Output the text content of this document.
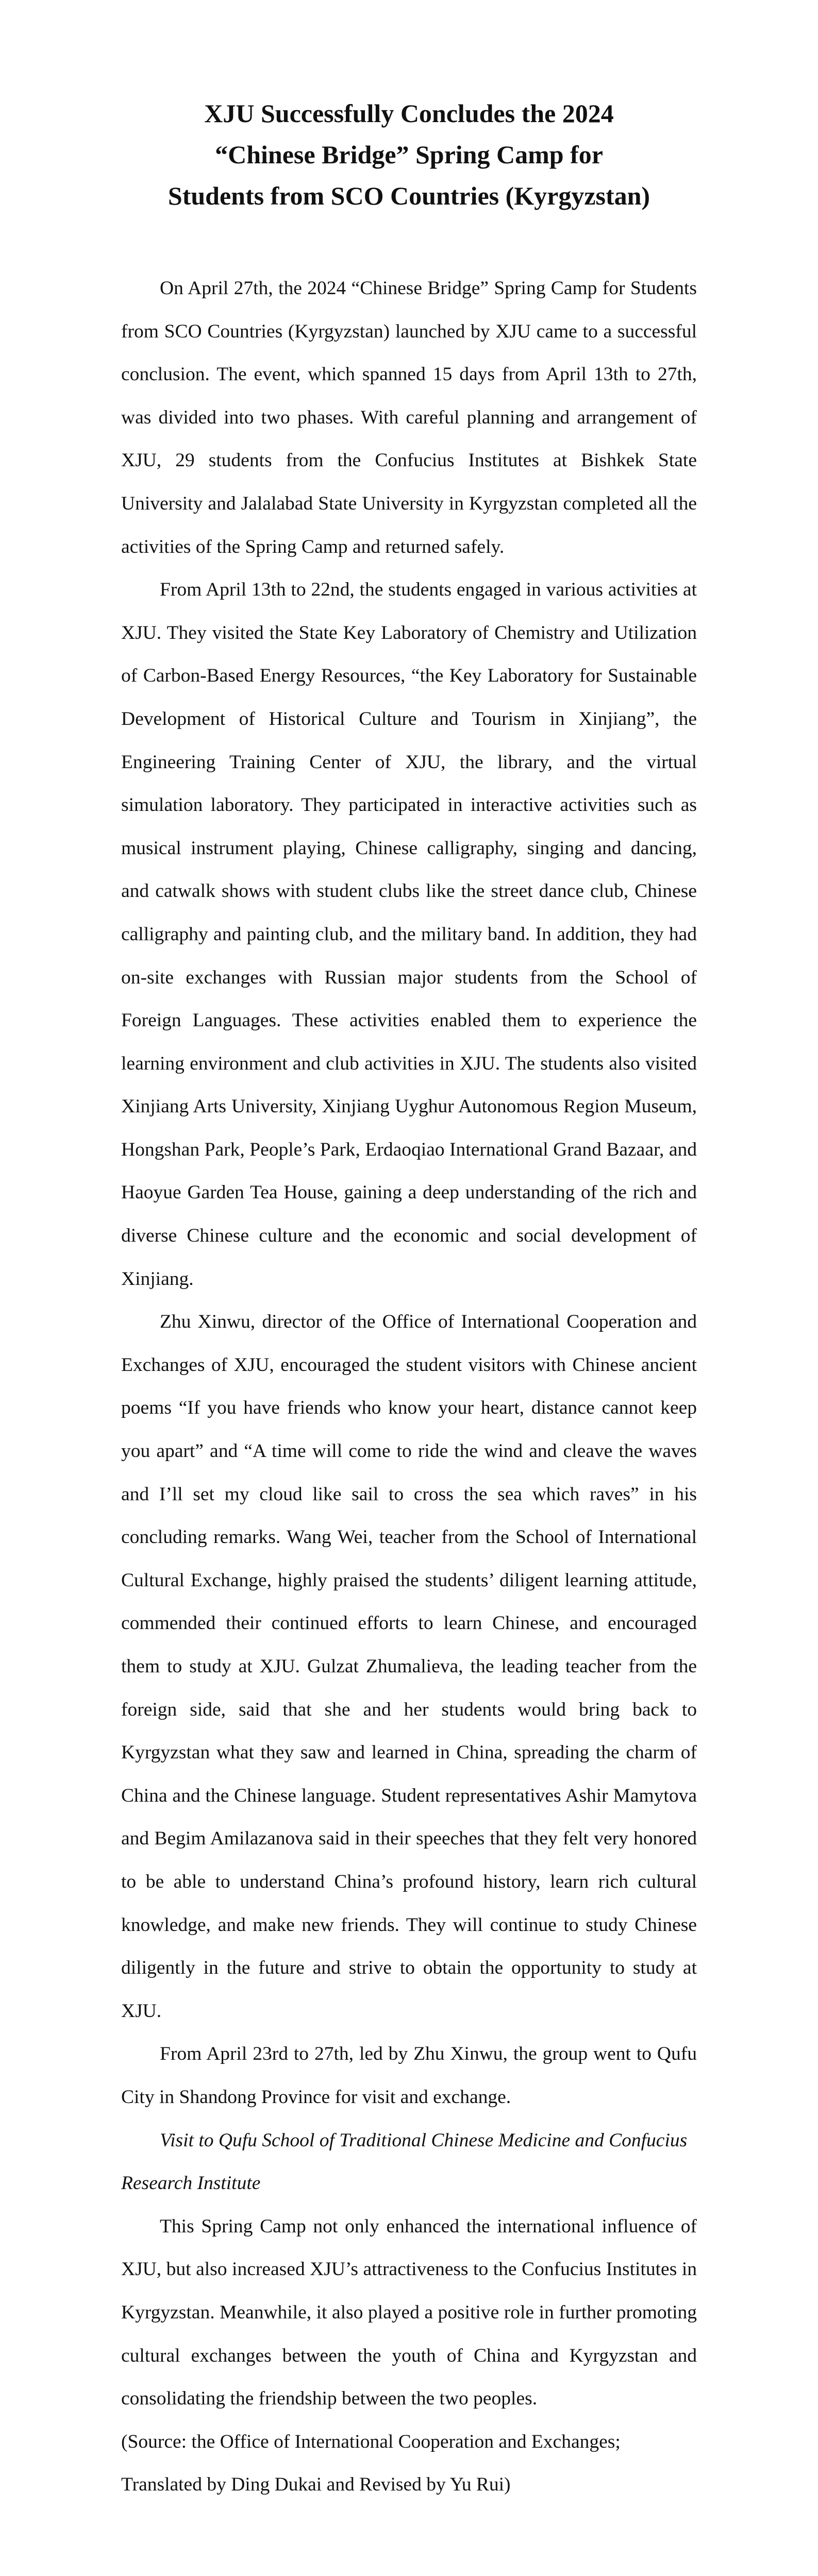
XJU Successfully Concludes the 2024
“Chinese Bridge” Spring Camp for
Students from SCO Countries (Kyrgyzstan)

On April 27th, the 2024 “Chinese Bridge” Spring Camp for Students from SCO Countries (Kyrgyzstan) launched by XJU came to a successful conclusion. The event, which spanned 15 days from April 13th to 27th, was divided into two phases. With careful planning and arrangement of XJU, 29 students from the Confucius Institutes at Bishkek State University and Jalalabad State University in Kyrgyzstan completed all the activities of the Spring Camp and returned safely.

From April 13th to 22nd, the students engaged in various activities at XJU. They visited the State Key Laboratory of Chemistry and Utilization of Carbon-Based Energy Resources, “the Key Laboratory for Sustainable Development of Historical Culture and Tourism in Xinjiang”, the Engineering Training Center of XJU, the library, and the virtual simulation laboratory. They participated in interactive activities such as musical instrument playing, Chinese calligraphy, singing and dancing, and catwalk shows with student clubs like the street dance club, Chinese calligraphy and painting club, and the military band. In addition, they had on-site exchanges with Russian major students from the School of Foreign Languages. These activities enabled them to experience the learning environment and club activities in XJU. The students also visited Xinjiang Arts University, Xinjiang Uyghur Autonomous Region Museum, Hongshan Park, People’s Park, Erdaoqiao International Grand Bazaar, and Haoyue Garden Tea House, gaining a deep understanding of the rich and diverse Chinese culture and the economic and social development of Xinjiang.

Zhu Xinwu, director of the Office of International Cooperation and Exchanges of XJU, encouraged the student visitors with Chinese ancient poems “If you have friends who know your heart, distance cannot keep you apart” and “A time will come to ride the wind and cleave the waves and I’ll set my cloud like sail to cross the sea which raves” in his concluding remarks. Wang Wei, teacher from the School of International Cultural Exchange, highly praised the students’ diligent learning attitude, commended their continued efforts to learn Chinese, and encouraged them to study at XJU. Gulzat Zhumalieva, the leading teacher from the foreign side, said that she and her students would bring back to Kyrgyzstan what they saw and learned in China, spreading the charm of China and the Chinese language. Student representatives Ashir Mamytova and Begim Amilazanova said in their speeches that they felt very honored to be able to understand China’s profound history, learn rich cultural knowledge, and make new friends. They will continue to study Chinese diligently in the future and strive to obtain the opportunity to study at XJU.

From April 23rd to 27th, led by Zhu Xinwu, the group went to Qufu City in Shandong Province for visit and exchange.

Visit to Qufu School of Traditional Chinese Medicine and Confucius Research Institute

This Spring Camp not only enhanced the international influence of XJU, but also increased XJU’s attractiveness to the Confucius Institutes in Kyrgyzstan. Meanwhile, it also played a positive role in further promoting cultural exchanges between the youth of China and Kyrgyzstan and consolidating the friendship between the two peoples.

(Source: the Office of International Cooperation and Exchanges; Translated by Ding Dukai and Revised by Yu Rui)
